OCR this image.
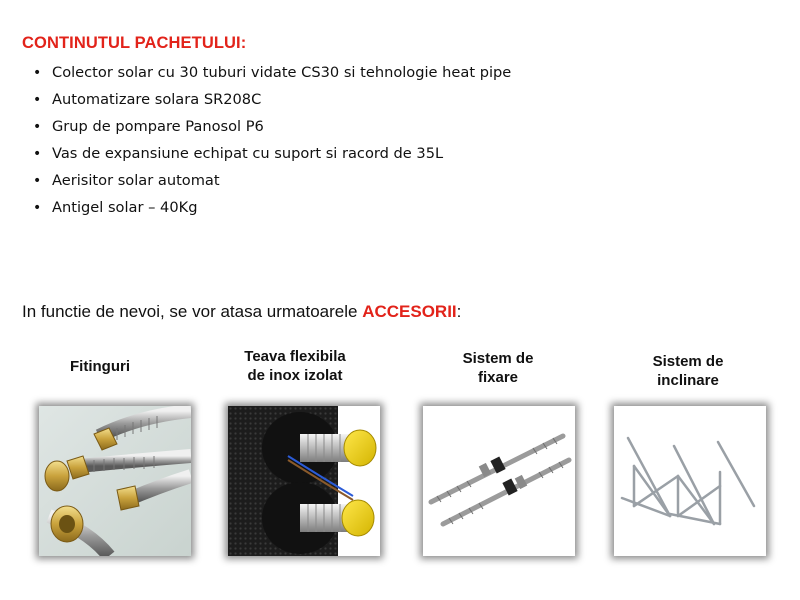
CONTINUTUL PACHETULUI:
• Colector solar cu 30 tuburi vidate CS30 si tehnologie heat pipe
• Automatizare solara SR208C
• Grup de pompare Panosol P6
• Vas de expansiune echipat cu suport si racord de 35L
• Aerisitor solar automat
• Antigel solar – 40Kg
In functie de nevoi, se vor atasa urmatoarele ACCESORII:
Fitinguri
Teava flexibila
de inox izolat
Sistem de
fixare
Sistem de
inclinare
